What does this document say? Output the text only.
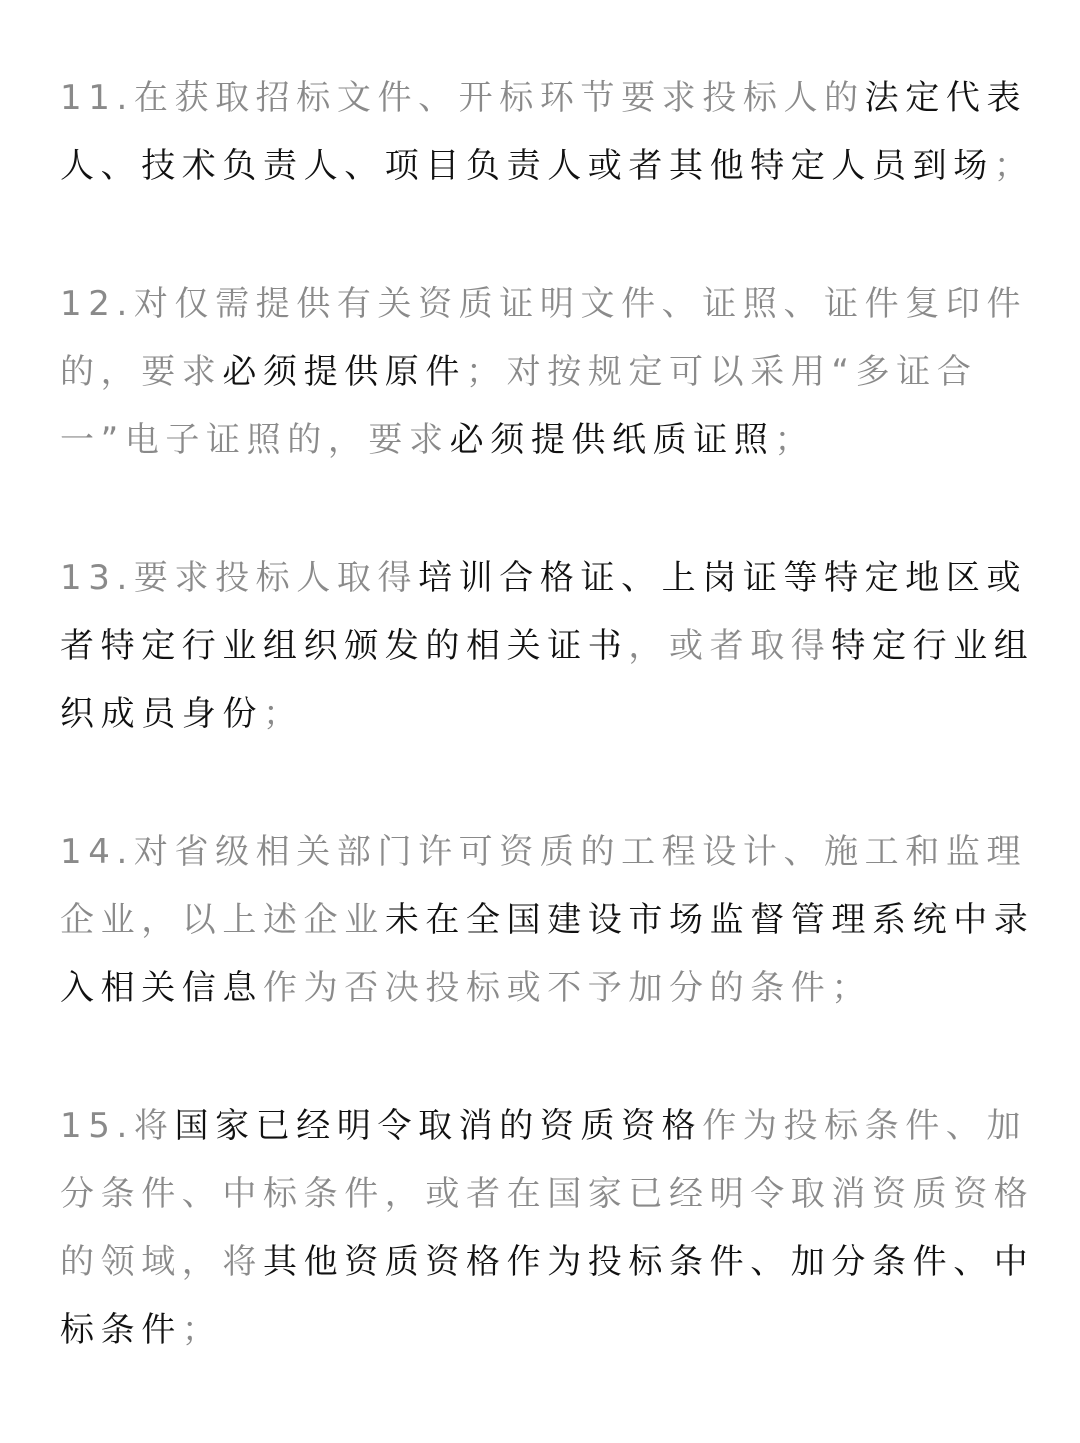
11.在获取招标文件、开标环节要求投标人的法定代表
人、技术负责人、项目负责人或者其他特定人员到场；
12.对仅需提供有关资质证明文件、证照、证件复印件
的，要求必须提供原件；对按规定可以采用“多证合
一”电子证照的，要求必须提供纸质证照；
13.要求投标人取得培训合格证、上岗证等特定地区或
者特定行业组织颁发的相关证书，或者取得特定行业组
织成员身份；
14.对省级相关部门许可资质的工程设计、施工和监理
企业，以上述企业未在全国建设市场监督管理系统中录
入相关信息作为否决投标或不予加分的条件；
15.将国家已经明令取消的资质资格作为投标条件、加
分条件、中标条件，或者在国家已经明令取消资质资格
的领域，将其他资质资格作为投标条件、加分条件、中
标条件；
